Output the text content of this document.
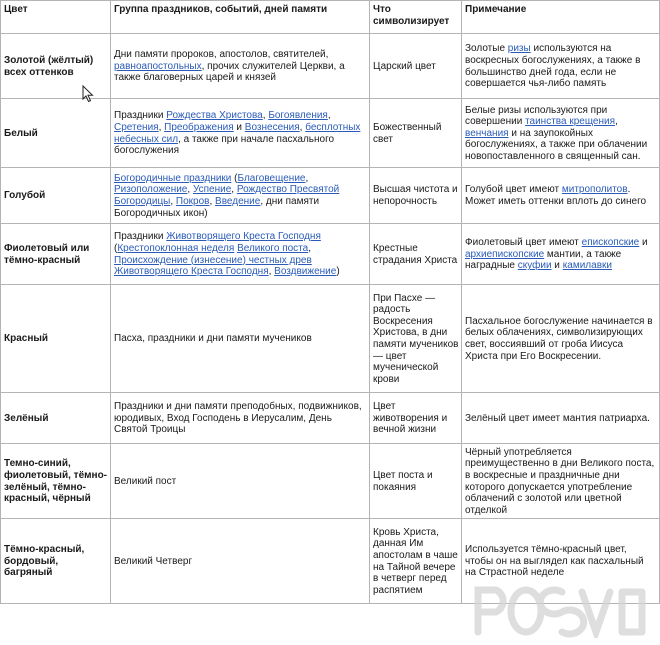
Цвет	Группа праздников, событий, дней памяти	Что символизирует	Примечание
Золотой (жёлтый) всех оттенков	Дни памяти пророков, апостолов, святителей, равноапостольных, прочих служителей Церкви, а также благоверных царей и князей	Царский цвет	Золотые ризы используются на воскресных богослужениях, а также в большинство дней года, если не совершается чья-либо память
Белый	Праздники Рождества Христова, Богоявления, Сретения, Преображения и Вознесения, бесплотных небесных сил, а также при начале пасхального богослужения	Божественный свет	Белые ризы используются при совершении таинства крещения, венчания и на заупокойных богослужениях, а также при облачении новопоставленного в священный сан.
Голубой	Богородичные праздники (Благовещение, Ризоположение, Успение, Рождество Пресвятой Богородицы, Покров, Введение, дни памяти Богородичных икон)	Высшая чистота и непорочность	Голубой цвет имеют митрополитов. Может иметь оттенки вплоть до синего
Фиолетовый или тёмно-красный	Праздники Животворящего Креста Господня (Крестопоклонная неделя Великого поста, Происхождение (изнесение) честных древ Животворящего Креста Господня, Воздвижение)	Крестные страдания Христа	Фиолетовый цвет имеют епископские и архиепископские мантии, а также наградные скуфии и камилавки
Красный	Пасха, праздники и дни памяти мучеников	При Пасхе — радость Воскресения Христова, в дни памяти мучеников — цвет мученической крови	Пасхальное богослужение начинается в белых облачениях, символизирующих свет, воссиявший от гроба Иисуса Христа при Его Воскресении.
Зелёный	Праздники и дни памяти преподобных, подвижников, юродивых, Вход Господень в Иерусалим, День Святой Троицы	Цвет животворения и вечной жизни	Зелёный цвет имеет мантия патриарха.
Темно-синий, фиолетовый, тёмно-зелёный, тёмно-красный, чёрный	Великий пост	Цвет поста и покаяния	Чёрный употребляется преимущественно в дни Великого поста, в воскресные и праздничные дни которого допускается употребление облачений с золотой или цветной отделкой
Тёмно-красный, бордовый, багряный	Великий Четверг	Кровь Христа, данная Им апостолам в чаше на Тайной вечере в четверг перед распятием	Используется тёмно-красный цвет, чтобы он на выглядел как пасхальный на Страстной неделе
